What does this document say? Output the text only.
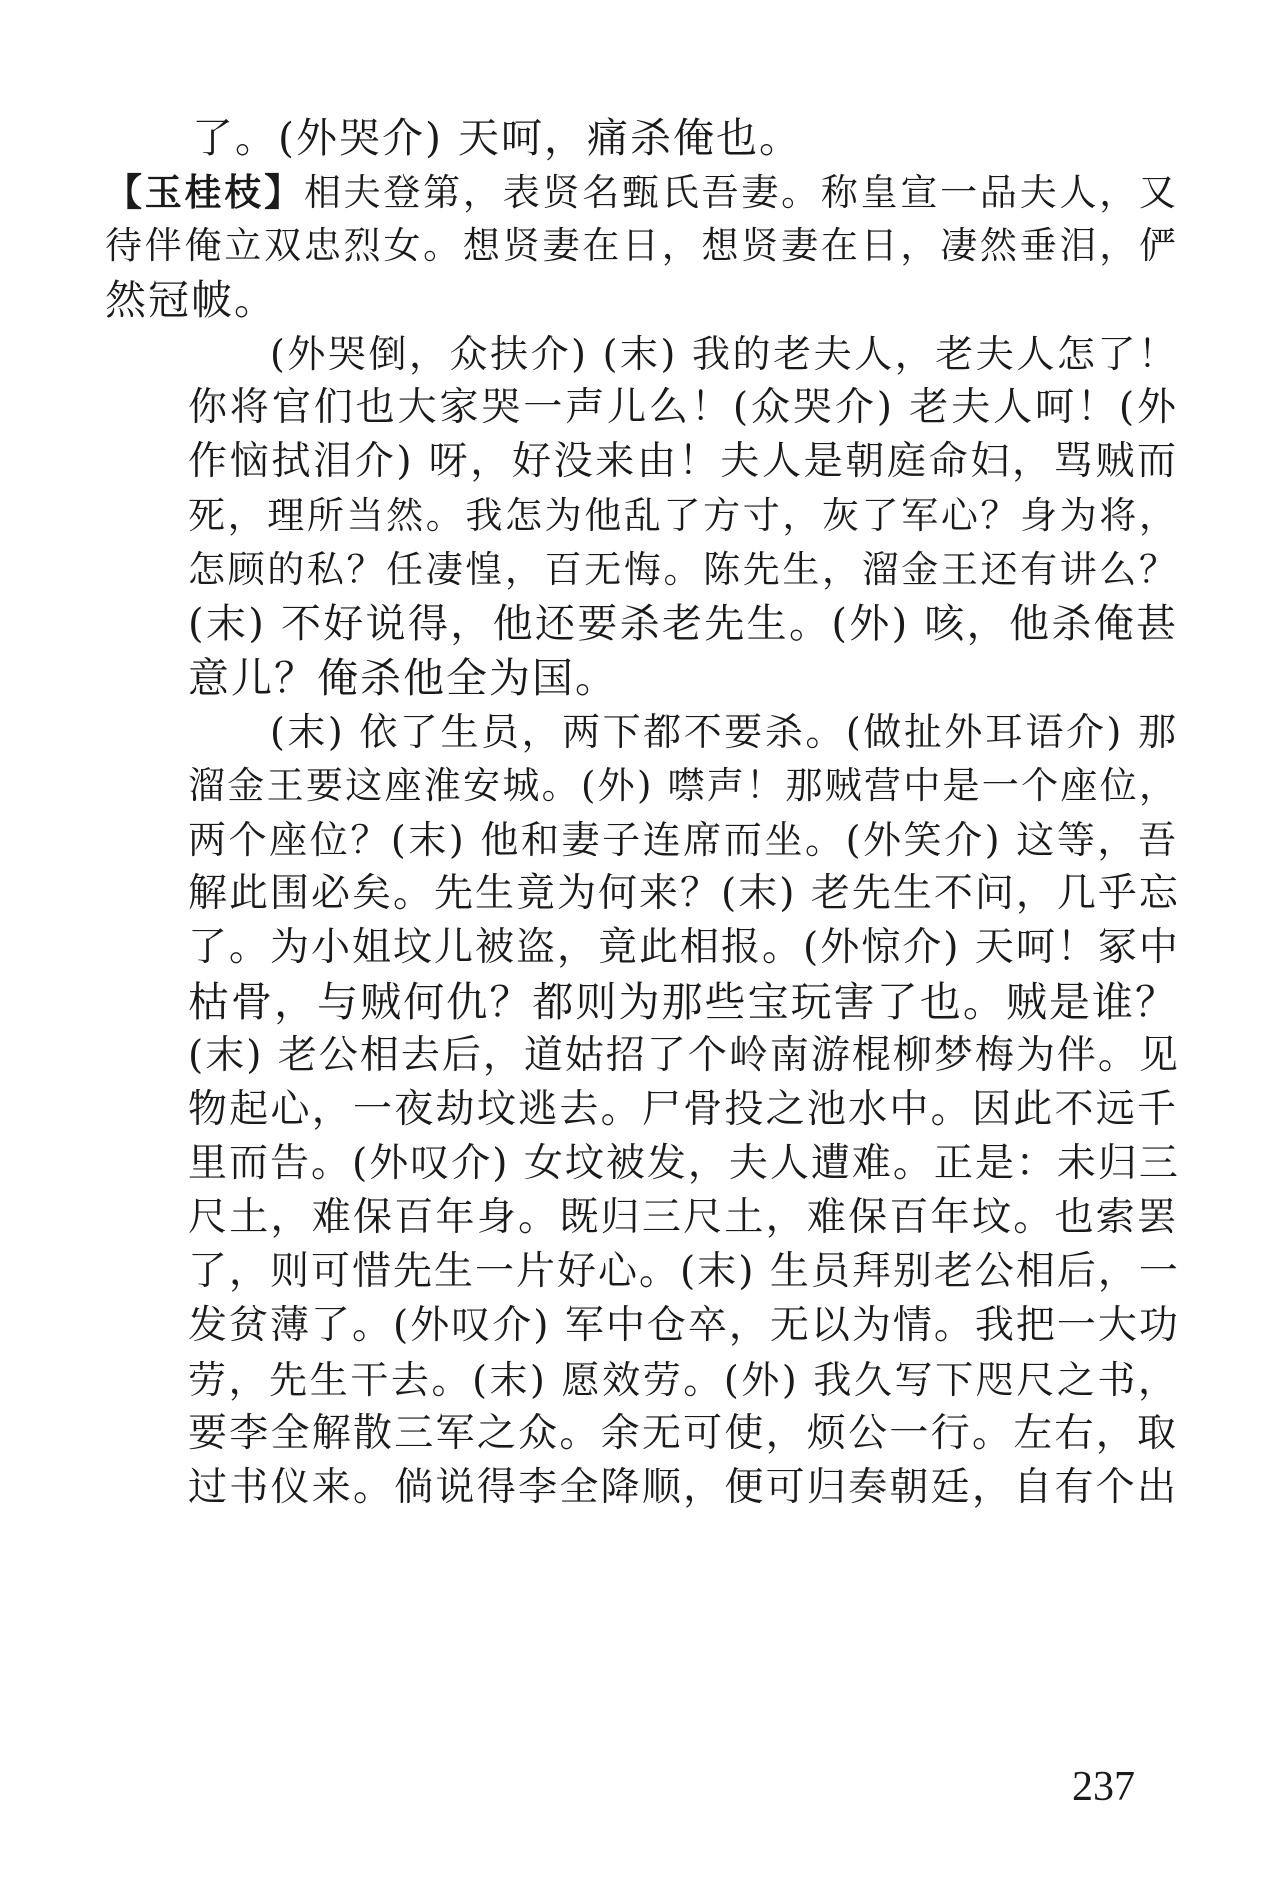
了。(外哭介) 天呵，痛杀俺也。
【玉桂枝】相夫登第，表贤名甄氏吾妻。称皇宣一品夫人，又
待伴俺立双忠烈女。想贤妻在日，想贤妻在日，凄然垂泪，俨
然冠帔。
(外哭倒，众扶介) (末) 我的老夫人，老夫人怎了！
你将官们也大家哭一声儿么！(众哭介) 老夫人呵！(外
作恼拭泪介) 呀，好没来由！夫人是朝庭命妇，骂贼而
死，理所当然。我怎为他乱了方寸，灰了军心？身为将，
怎顾的私？任凄惶，百无悔。陈先生，溜金王还有讲么？
(末) 不好说得，他还要杀老先生。(外) 咳，他杀俺甚
意儿？俺杀他全为国。
(末) 依了生员，两下都不要杀。(做扯外耳语介) 那
溜金王要这座淮安城。(外) 噤声！那贼营中是一个座位，
两个座位？(末) 他和妻子连席而坐。(外笑介) 这等，吾
解此围必矣。先生竟为何来？(末) 老先生不问，几乎忘
了。为小姐坟儿被盗，竟此相报。(外惊介) 天呵！冢中
枯骨，与贼何仇？都则为那些宝玩害了也。贼是谁？
(末) 老公相去后，道姑招了个岭南游棍柳梦梅为伴。见
物起心，一夜劫坟逃去。尸骨投之池水中。因此不远千
里而告。(外叹介) 女坟被发，夫人遭难。正是：未归三
尺土，难保百年身。既归三尺土，难保百年坟。也索罢
了，则可惜先生一片好心。(末) 生员拜别老公相后，一
发贫薄了。(外叹介) 军中仓卒，无以为情。我把一大功
劳，先生干去。(末) 愿效劳。(外) 我久写下咫尺之书，
要李全解散三军之众。余无可使，烦公一行。左右，取
过书仪来。倘说得李全降顺，便可归奏朝廷，自有个出
237
